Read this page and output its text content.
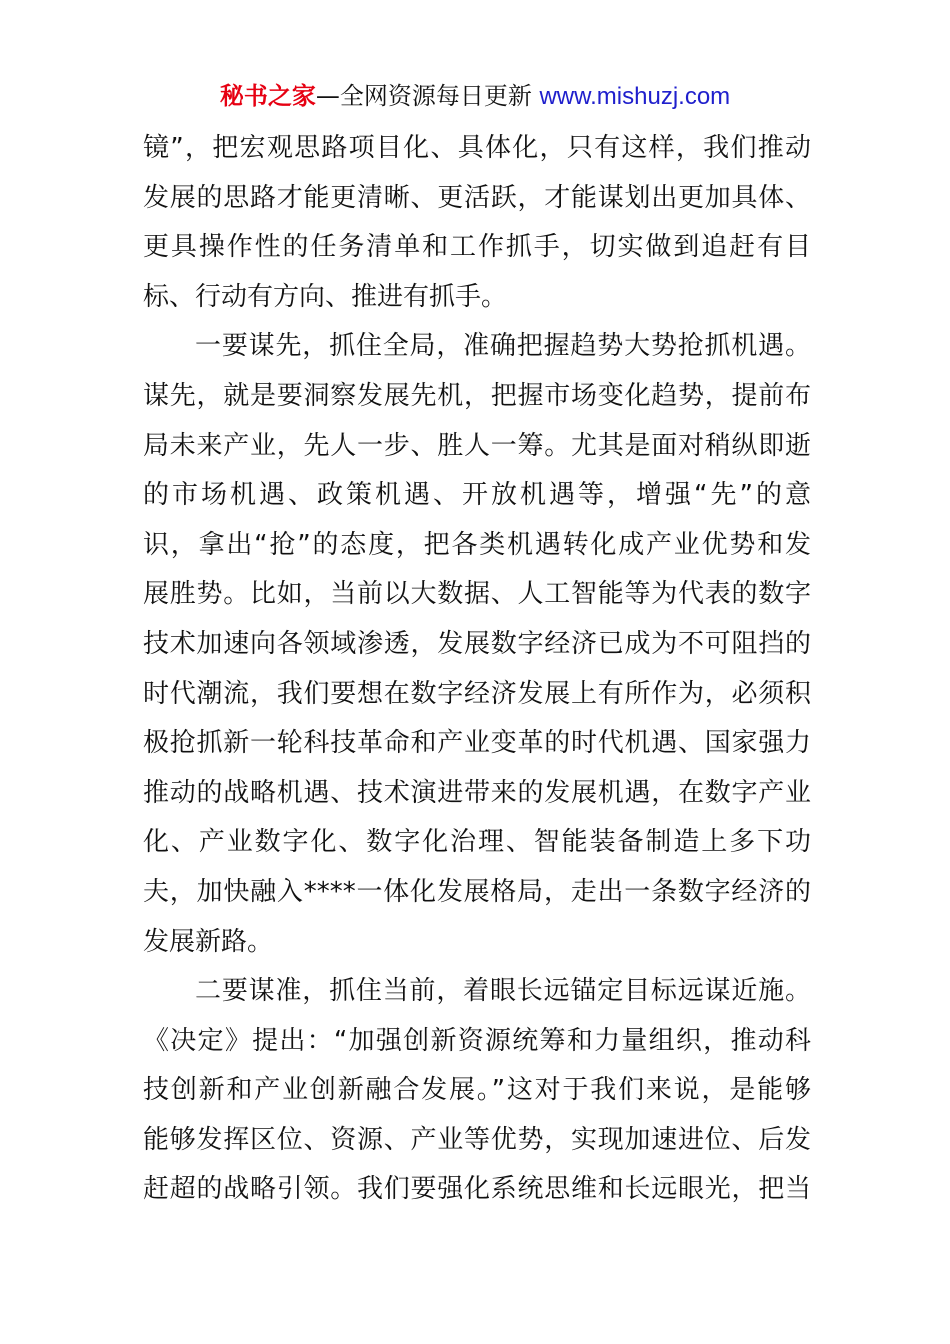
秘书之家—全网资源每日更新 www.mishuzj.com
镜”，把宏观思路项目化、具体化，只有这样，我们推动
发展的思路才能更清晰、更活跃，才能谋划出更加具体、
更具操作性的任务清单和工作抓手，切实做到追赶有目
标、行动有方向、推进有抓手。
一要谋先，抓住全局，准确把握趋势大势抢抓机遇。
谋先，就是要洞察发展先机，把握市场变化趋势，提前布
局未来产业，先人一步、胜人一筹。尤其是面对稍纵即逝
的市场机遇、政策机遇、开放机遇等，增强“先”的意
识，拿出“抢”的态度，把各类机遇转化成产业优势和发
展胜势。比如，当前以大数据、人工智能等为代表的数字
技术加速向各领域渗透，发展数字经济已成为不可阻挡的
时代潮流，我们要想在数字经济发展上有所作为，必须积
极抢抓新一轮科技革命和产业变革的时代机遇、国家强力
推动的战略机遇、技术演进带来的发展机遇，在数字产业
化、产业数字化、数字化治理、智能装备制造上多下功
夫，加快融入****一体化发展格局，走出一条数字经济的
发展新路。
二要谋准，抓住当前，着眼长远锚定目标远谋近施。
《决定》提出：“加强创新资源统筹和力量组织，推动科
技创新和产业创新融合发展。”这对于我们来说，是能够
能够发挥区位、资源、产业等优势，实现加速进位、后发
赶超的战略引领。我们要强化系统思维和长远眼光，把当
